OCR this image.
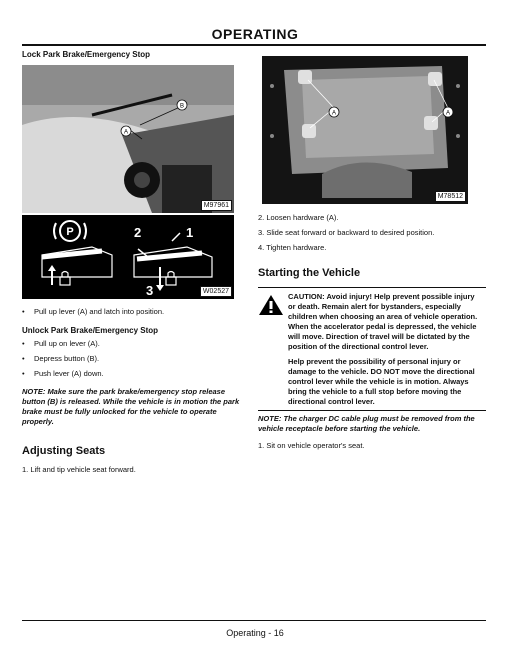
OPERATING
Lock Park Brake/Emergency Stop
B
A
M97961
P	2	1
3	W02527
• Pull up lever (A) and latch into position.
Unlock Park Brake/Emergency Stop
• Pull up on lever (A).
• Depress button (B).
• Push lever (A) down.
NOTE: Make sure the park brake/emergency stop release button (B) is released. While the vehicle is in motion the park brake must be fully unlocked for the vehicle to operate properly.
Adjusting Seats
1. Lift and tip vehicle seat forward.
A	A
M78512
2. Loosen hardware (A).
3. Slide seat forward or backward to desired position.
4. Tighten hardware.
Starting the Vehicle
CAUTION: Avoid injury! Help prevent possible injury or death. Remain alert for bystanders, especially children when choosing an area of vehicle operation. When the accelerator pedal is depressed, the vehicle will move. Direction of travel will be dictated by the position of the directional control lever.
Help prevent the possibility of personal injury or damage to the vehicle. DO NOT move the directional control lever while the vehicle is in motion. Always bring the vehicle to a full stop before moving the directional control lever.
NOTE: The charger DC cable plug must be removed from the vehicle receptacle before starting the vehicle.
1. Sit on vehicle operator's seat.
Operating - 16
